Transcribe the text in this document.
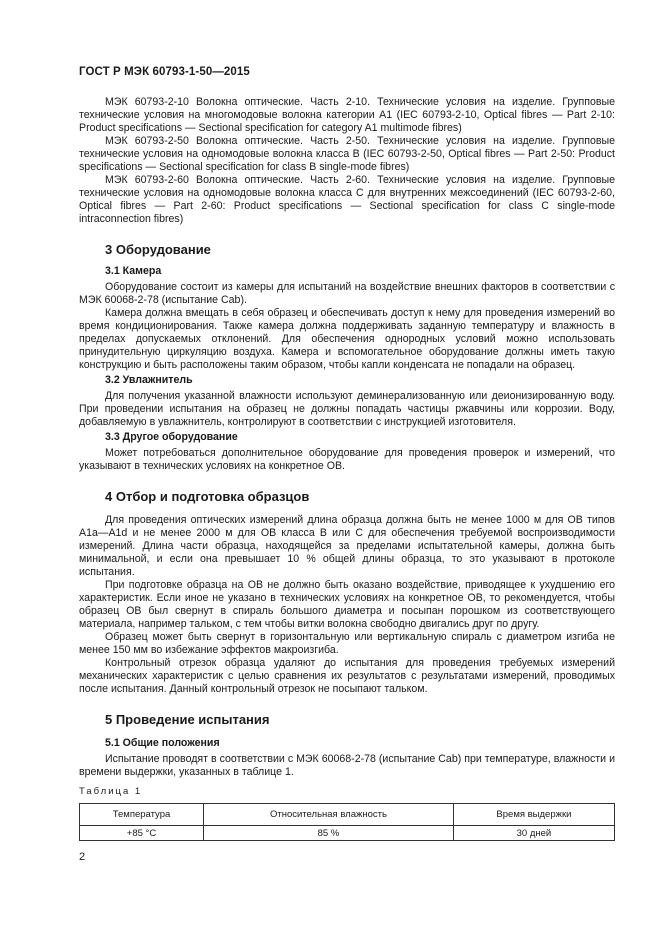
ГОСТ Р МЭК 60793-1-50—2015

МЭК 60793-2-10 Волокна оптические. Часть 2-10. Технические условия на изделие. Групповые технические условия на многомодовые волокна категории А1 (IEC 60793-2-10, Optical fibres — Part 2-10: Product specifications — Sectional specification for category A1 multimode fibres)

МЭК 60793-2-50 Волокна оптические. Часть 2-50. Технические условия на изделие. Групповые технические условия на одномодовые волокна класса В (IEC 60793-2-50, Optical fibres — Part 2-50: Product specifications — Sectional specification for class B single-mode fibres)

МЭК 60793-2-60 Волокна оптические. Часть 2-60. Технические условия на изделие. Групповые технические условия на одномодовые волокна класса С для внутренних межсоединений (IEC 60793-2-60, Optical fibres — Part 2-60: Product specifications — Sectional specification for class C single-mode intraconnection fibres)

3 Оборудование
3.1 Камера

Оборудование состоит из камеры для испытаний на воздействие внешних факторов в соответствии с МЭК 60068-2-78 (испытание Cab).

Камера должна вмещать в себя образец и обеспечивать доступ к нему для проведения измерений во время кондиционирования. Также камера должна поддерживать заданную температуру и влажность в пределах допускаемых отклонений. Для обеспечения однородных условий можно использовать принудительную циркуляцию воздуха. Камера и вспомогательное оборудование должны иметь такую конструкцию и быть расположены таким образом, чтобы капли конденсата не попадали на образец.

3.2 Увлажнитель

Для получения указанной влажности используют деминерализованную или деионизированную воду. При проведении испытания на образец не должны попадать частицы ржавчины или коррозии. Воду, добавляемую в увлажнитель, контролируют в соответствии с инструкцией изготовителя.

3.3 Другое оборудование

Может потребоваться дополнительное оборудование для проведения проверок и измерений, что указывают в технических условиях на конкретное ОВ.

4 Отбор и подготовка образцов

Для проведения оптических измерений длина образца должна быть не менее 1000 м для ОВ типов А1а—А1d и не менее 2000 м для ОВ класса В или С для обеспечения требуемой воспроизводимости измерений. Длина части образца, находящейся за пределами испытательной камеры, должна быть минимальной, и если она превышает 10 % общей длины образца, то это указывают в протоколе испытания.

При подготовке образца на ОВ не должно быть оказано воздействие, приводящее к ухудшению его характеристик. Если иное не указано в технических условиях на конкретное ОВ, то рекомендуется, чтобы образец ОВ был свернут в спираль большого диаметра и посыпан порошком из соответствующего материала, например тальком, с тем чтобы витки волокна свободно двигались друг по другу.

Образец может быть свернут в горизонтальную или вертикальную спираль с диаметром изгиба не менее 150 мм во избежание эффектов макроизгиба.

Контрольный отрезок образца удаляют до испытания для проведения требуемых измерений механических характеристик с целью сравнения их результатов с результатами измерений, проводимых после испытания. Данный контрольный отрезок не посыпают тальком.

5 Проведение испытания
5.1 Общие положения

Испытание проводят в соответствии с МЭК 60068-2-78 (испытание Cab) при температуре, влажности и времени выдержки, указанных в таблице 1.

Таблица 1
Температура	Относительная влажность	Время выдержки
+85 °С	85 %	30 дней
2
